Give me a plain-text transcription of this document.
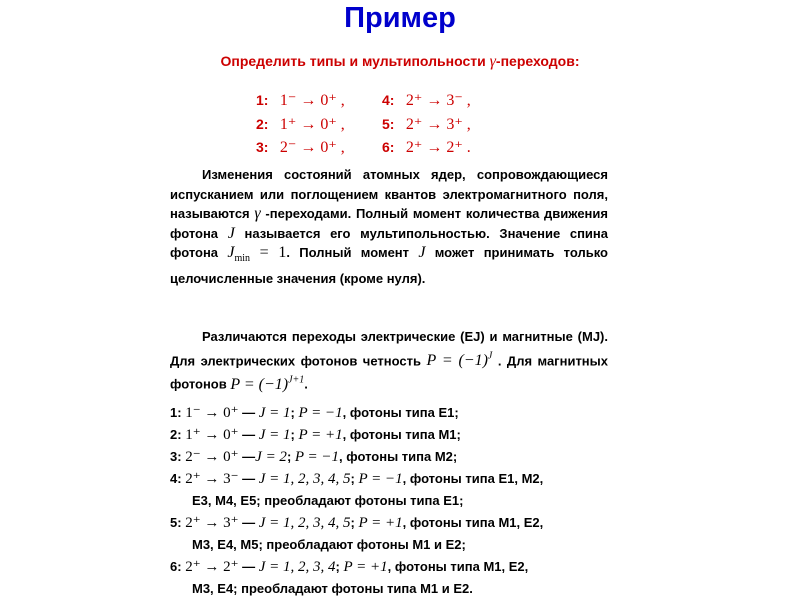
Пример
Определить типы и мультипольности γ-переходов:
1: 1⁻ → 0⁺ ,
2: 1⁺ → 0⁺ ,
3: 2⁻ → 0⁺ ,
4: 2⁺ → 3⁻ ,
5: 2⁺ → 3⁺ ,
6: 2⁺ → 2⁺ .

Изменения состояний атомных ядер, сопровождающиеся испусканием или поглощением квантов электромагнитного поля, называются γ -переходами. Полный момент количества движения фотона J называется его мультипольностью. Значение спина фотона $J_{min} = 1$. Полный момент J может принимать только целочисленные значения (кроме нуля).

Различаются переходы электрические (EJ) и магнитные (MJ). Для электрических фотонов четность $P = (-1)^J$ . Для магнитных фотонов $P = (-1)^{J+1}$.

1: 1⁻ → 0⁺ — J = 1; P = −1, фотоны типа E1;
2: 1⁺ → 0⁺ — J = 1; P = +1, фотоны типа M1;
3: 2⁻ → 0⁺ —J = 2; P = −1, фотоны типа M2;
4: 2⁺ → 3⁻ — J = 1, 2, 3, 4, 5; P = −1, фотоны типа E1, M2,
E3, M4, E5; преобладают фотоны типа E1;
5: 2⁺ → 3⁺ — J = 1, 2, 3, 4, 5; P = +1, фотоны типа M1, E2,
M3, E4, M5; преобладают фотоны M1 и E2;
6: 2⁺ → 2⁺ — J = 1, 2, 3, 4; P = +1, фотоны типа M1, E2,
M3, E4; преобладают фотоны типа M1 и E2.
